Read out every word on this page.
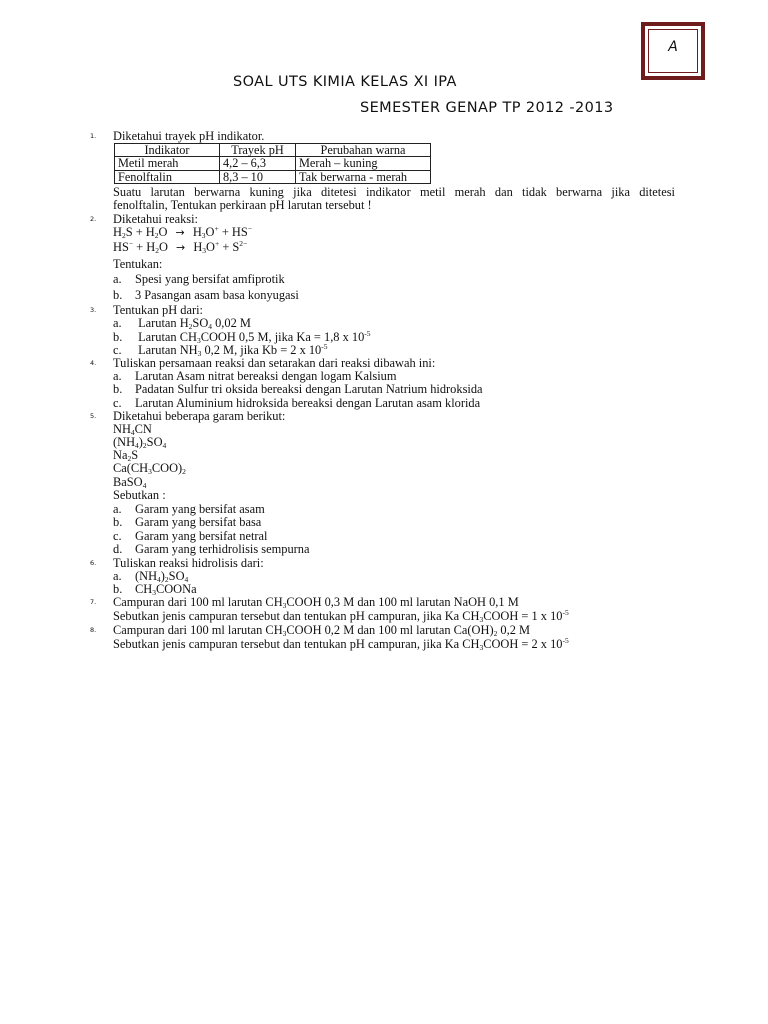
A
SOAL UTS KIMIA KELAS XI IPA
SEMESTER GENAP TP 2012 -2013
1. Diketahui trayek pH indikator.
Indikator	Trayek pH	Perubahan warna
Metil merah	4,2 – 6,3	Merah – kuning
Fenolftalin	8,3 – 10	Tak berwarna - merah
Suatu larutan berwarna kuning jika ditetesi indikator metil merah dan tidak berwarna jika ditetesi
fenolftalin, Tentukan perkiraan pH larutan tersebut !
2. Diketahui reaksi:
$H_2S + H_2O \to H_3O^+ + HS^-$
$HS^- + H_2O \to H_3O^+ + S^{2-}$
Tentukan:
a. Spesi yang bersifat amfiprotik
b. 3 Pasangan asam basa konyugasi
3. Tentukan pH dari:
a. Larutan $H_2SO_4$ 0,02 M
b. Larutan $CH_3COOH$ 0,5 M, jika Ka = 1,8 x $10^{-5}$
c. Larutan $NH_3$ 0,2 M, jika Kb = 2 x $10^{-5}$
4. Tuliskan persamaan reaksi dan setarakan dari reaksi dibawah ini:
a. Larutan Asam nitrat bereaksi dengan logam Kalsium
b. Padatan Sulfur tri oksida bereaksi dengan Larutan Natrium hidroksida
c. Larutan Aluminium hidroksida bereaksi dengan Larutan asam klorida
5. Diketahui beberapa garam berikut:
$NH_4CN$
$(NH_4)_2SO_4$
$Na_2S$
$Ca(CH_3COO)_2$
BaSO$_4$
Sebutkan :
a. Garam yang bersifat asam
b. Garam yang bersifat basa
c. Garam yang bersifat netral
d. Garam yang terhidrolisis sempurna
6. Tuliskan reaksi hidrolisis dari:
a. $(NH_4)_2SO_4$
b. $CH_3COONa$
7. Campuran dari 100 ml larutan $CH_3COOH$ 0,3 M dan 100 ml larutan NaOH 0,1 M
Sebutkan jenis campuran tersebut dan tentukan pH campuran, jika Ka $CH_3COOH = 1$ x $10^{-5}$
8. Campuran dari 100 ml larutan $CH_3COOH$ 0,2 M dan 100 ml larutan $Ca(OH)_2$ 0,2 M
Sebutkan jenis campuran tersebut dan tentukan pH campuran, jika Ka $CH_3COOH = 2$ x $10^{-5}$
